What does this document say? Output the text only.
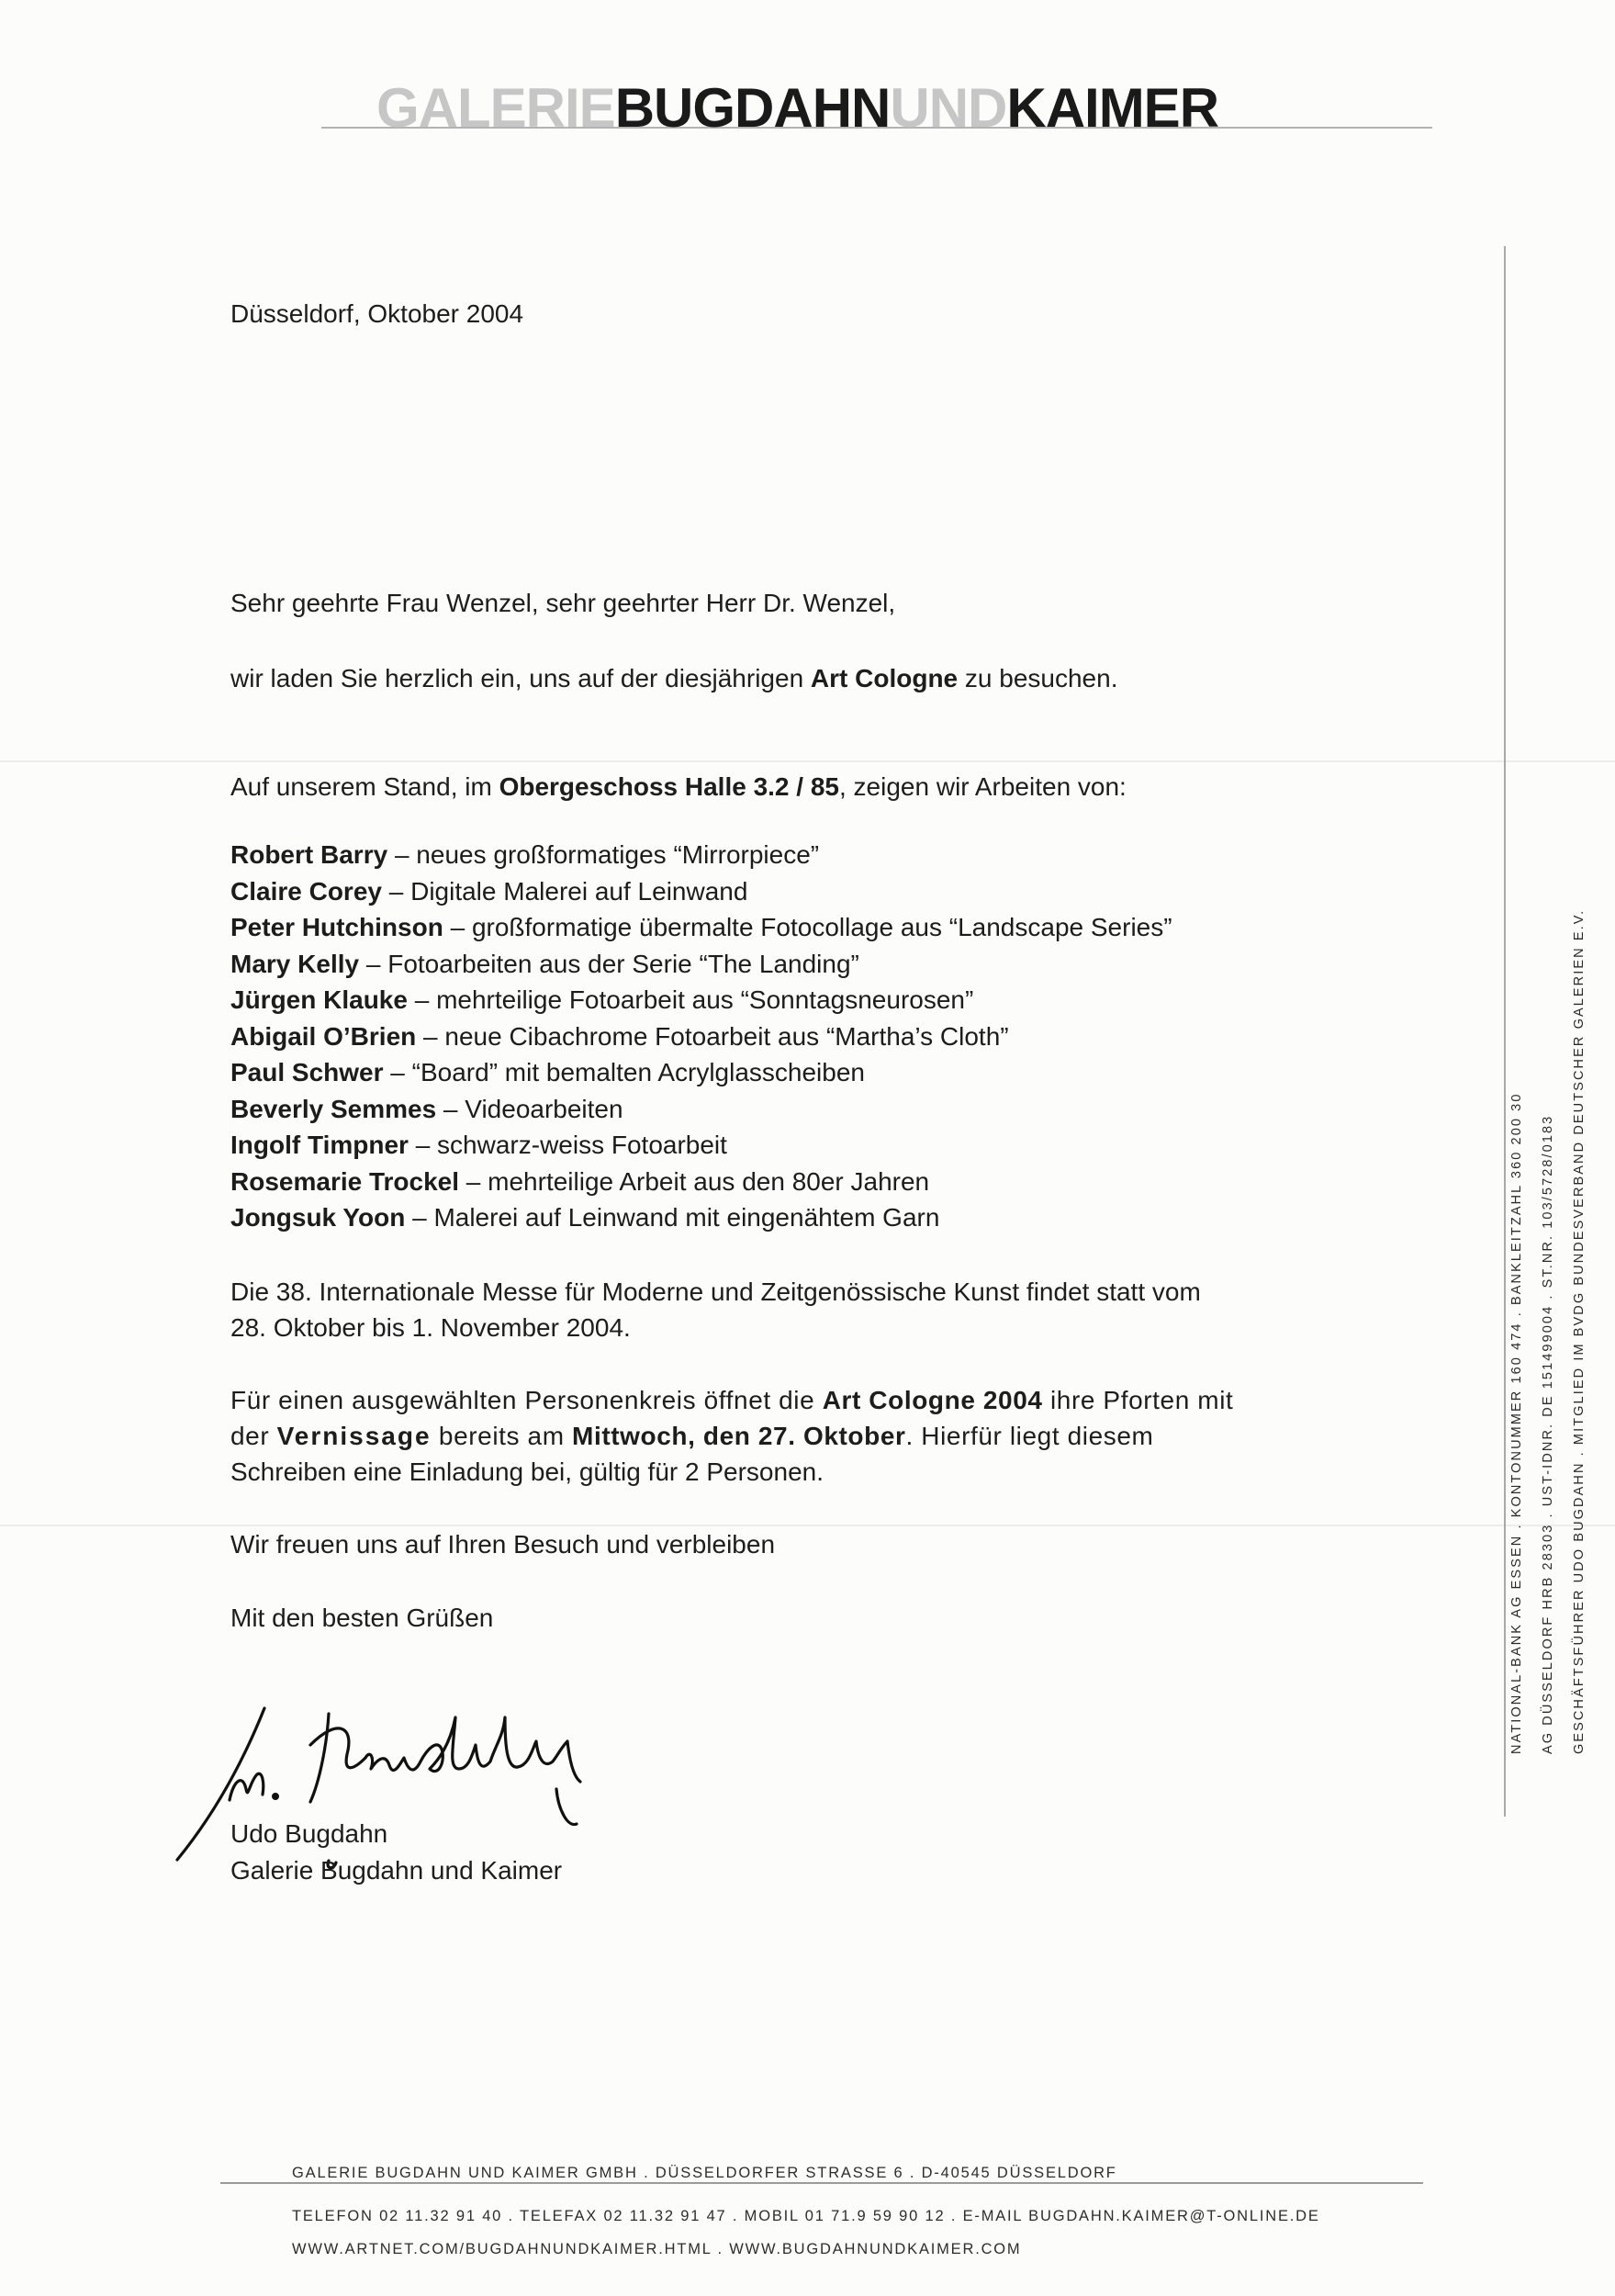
GALERIEBUGDAHNUNDKAIMER
NATIONAL-BANK AG ESSEN . KONTONUMMER 160 474 . BANKLEITZAHL 360 200 30	AG DÜSSELDORF HRB 28303 . UST-IDNR. DE 151499004 . ST.NR. 103/5728/0183	GESCHÄFTSFÜHRER UDO BUGDAHN . MITGLIED IM BVDG BUNDESVERBAND DEUTSCHER GALERIEN E.V.
Düsseldorf, Oktober 2004
Sehr geehrte Frau Wenzel, sehr geehrter Herr Dr. Wenzel,
wir laden Sie herzlich ein, uns auf der diesjährigen Art Cologne zu besuchen.
Auf unserem Stand, im Obergeschoss Halle 3.2 / 85, zeigen wir Arbeiten von:
Robert Barry – neues großformatiges “Mirrorpiece”
Claire Corey – Digitale Malerei auf Leinwand
Peter Hutchinson – großformatige übermalte Fotocollage aus “Landscape Series”
Mary Kelly – Fotoarbeiten aus der Serie “The Landing”
Jürgen Klauke – mehrteilige Fotoarbeit aus “Sonntagsneurosen”
Abigail O’Brien – neue Cibachrome Fotoarbeit aus “Martha’s Cloth”
Paul Schwer – “Board” mit bemalten Acrylglasscheiben
Beverly Semmes – Videoarbeiten
Ingolf Timpner – schwarz-weiss Fotoarbeit
Rosemarie Trockel – mehrteilige Arbeit aus den 80er Jahren
Jongsuk Yoon – Malerei auf Leinwand mit eingenähtem Garn
Die 38. Internationale Messe für Moderne und Zeitgenössische Kunst findet statt vom
28. Oktober bis 1. November 2004.
Für einen ausgewählten Personenkreis öffnet die Art Cologne 2004 ihre Pforten mit
der Vernissage bereits am Mittwoch, den 27. Oktober. Hierfür liegt diesem
Schreiben eine Einladung bei, gültig für 2 Personen.
Wir freuen uns auf Ihren Besuch und verbleiben
Mit den besten Grüßen
Udo Bugdahn
Galerie Bugdahn und Kaimer
GALERIE BUGDAHN UND KAIMER GMBH . DÜSSELDORFER STRASSE 6 . D-40545 DÜSSELDORF
TELEFON 02 11.32 91 40 . TELEFAX 02 11.32 91 47 . MOBIL 01 71.9 59 90 12 . E-MAIL BUGDAHN.KAIMER@T-ONLINE.DE
WWW.ARTNET.COM/BUGDAHNUNDKAIMER.HTML . WWW.BUGDAHNUNDKAIMER.COM
